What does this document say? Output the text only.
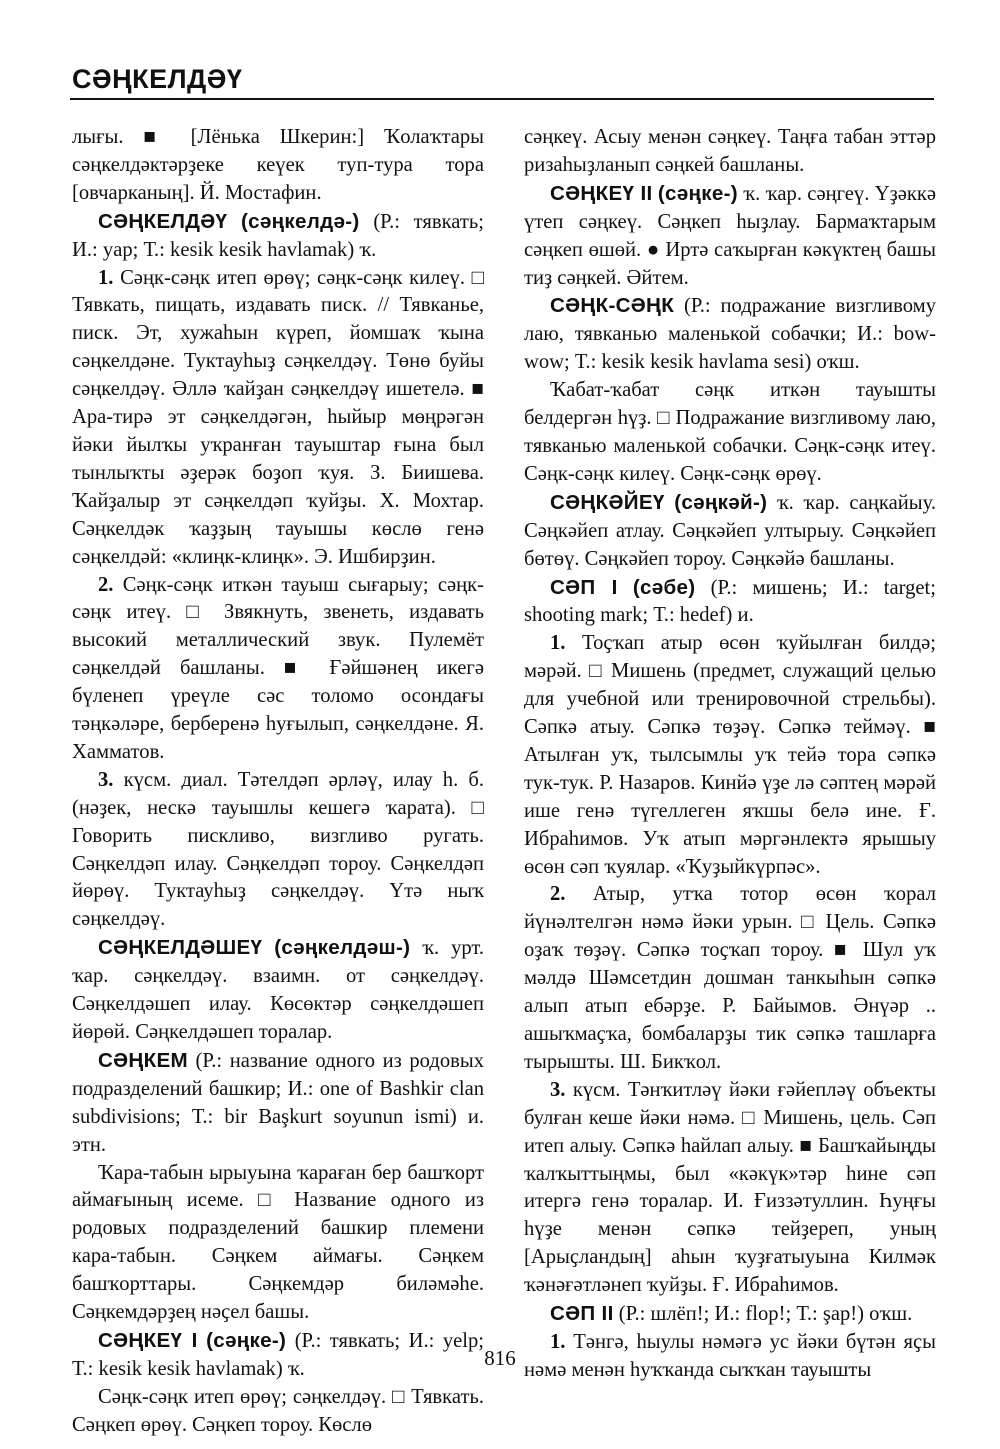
СӘҢКЕЛДӘҮ

лығы. ■ [Лёнька Шкерин:] Ҡолаҡтары сәңкелдәктәрҙеке кеүек туп-тура тора [овчарканың]. Й. Мостафин.

СӘҢКЕЛДӘҮ (сәңкелдә-) (Р.: тявкать; И.: yap; Т.: kesik kesik havlamak) ҡ.

1. Сәңк-сәңк итеп өрөү; сәңк-сәңк килеү. □ Тявкать, пищать, издавать писк. // Тявканье, писк. Эт, хужаһын күреп, йомшаҡ ҡына сәңкелдәне. Туктауһыҙ сәңкелдәү. Төнө буйы сәңкелдәү. Әллә ҡайҙан сәңкелдәү ишетелә. ■ Ара-тирә эт сәңкелдәгән, һыйыр мөңрәгән йәки йылҡы уҡранған тауыштар ғына был тынлыҡты әҙерәк боҙоп ҡуя. З. Биишева. Ҡайҙалыр эт сәңкелдәп ҡуйҙы. Х. Мохтар. Сәңкелдәк ҡаҙҙың тауышы көслө генә сәңкелдәй: «клиңк-клиңк». Э. Ишбирҙин.

2. Сәңк-сәңк иткән тауыш сығарыу; сәңк-сәңк итеү. □ Звякнуть, звенеть, издавать высокий металлический звук. Пулемёт сәңкелдәй башланы. ■ Ғәйшәнең икегә бүленеп үреүле сәс толомо осондағы тәңкәләре, берберенә һуғылып, сәңкелдәне. Я. Хамматов.

3. күсм. диал. Тәтелдәп әрләү, илау һ. б. (нәҙек, нескә тауышлы кешегә ҡарата). □ Говорить пискливо, визгливо ругать. Сәңкелдәп илау. Сәңкелдәп тороу. Сәңкелдәп йөрөү. Туктауһыҙ сәңкелдәү. Үтә ныҡ сәңкелдәү.

СӘҢКЕЛДӘШЕҮ (сәңкелдәш-) ҡ. урт. ҡар. сәңкелдәү. взаимн. от сәңкелдәү. Сәңкелдәшеп илау. Көсөктәр сәңкелдәшеп йөрөй. Сәңкелдәшеп торалар.

СӘҢКЕМ (Р.: название одного из родовых подразделений башкир; И.: one of Bashkir clan subdivisions; Т.: bir Başkurt soyunun ismi) и. этн.

Ҡара-табын ырыуына ҡараған бер башҡорт аймағының исеме. □ Название одного из родовых подразделений башкир племени кара-табын. Сәңкем аймағы. Сәңкем башҡорттары. Сәңкемдәр биләмәһе. Сәңкемдәрҙең нәҫел башы.

СӘҢКЕҮ I (сәңке-) (Р.: тявкать; И.: yelp; Т.: kesik kesik havlamak) ҡ.

Сәңк-сәңк итеп өрөү; сәңкелдәү. □ Тявкать. Сәңкеп өрөү. Сәңкеп тороу. Көслө

сәңкеү. Асыу менән сәңкеү. Таңға табан эттәр ризаһыҙланып сәңкей башланы.

СӘҢКЕҮ II (сәңке-) ҡ. ҡар. сәңгеү. Үҙәккә үтеп сәңкеү. Сәңкеп һыҙлау. Бармаҡтарым сәңкеп өшөй. ● Иртә саҡырған кәкүктең башы тиҙ сәңкей. Әйтем.

СӘҢК-СӘҢК (Р.: подражание визгливому лаю, тявканью маленькой собачки; И.: bow-wow; Т.: kesik kesik havlama sesi) оҡш.

Ҡабат-ҡабат сәңк иткән тауышты белдергән һүҙ. □ Подражание визгливому лаю, тявканью маленькой собачки. Сәңк-сәңк итеү. Сәңк-сәңк килеү. Сәңк-сәңк өрөү.

СӘҢКӘЙЕҮ (сәңкәй-) ҡ. ҡар. саңкайыу. Сәңкәйеп атлау. Сәңкәйеп ултырыу. Сәңкәйеп бөтөү. Сәңкәйеп тороу. Сәңкәйә башланы.

СӘП I (сәбе) (Р.: мишень; И.: target; shooting mark; Т.: hedef) и.

1. Тоҫҡап атыр өсөн ҡуйылған билдә; мәрәй. □ Мишень (предмет, служащий целью для учебной или тренировочной стрельбы). Сәпкә атыу. Сәпкә төҙәү. Сәпкә теймәү. ■ Атылған уҡ, тылсымлы уҡ тейә тора сәпкә тук-тук. Р. Назаров. Кинйә үҙе лә сәптең мәрәй ише генә түгеллеген яҡшы белә ине. Ғ. Ибраһимов. Уҡ атып мәргәнлектә ярышыу өсөн сәп ҡуялар. «Ҡуҙыйкүрпәс».

2. Атыр, утҡа тотор өсөн ҡорал йүнәлтелгән нәмә йәки урын. □ Цель. Сәпкә оҙаҡ төҙәү. Сәпкә тоҫҡап тороу. ■ Шул уҡ мәлдә Шәмсетдин дошман танкыһын сәпкә алып атып ебәрҙе. Р. Байымов. Әнүәр .. ашыҡмаҫҡа, бомбаларҙы тик сәпкә ташларға тырышты. Ш. Бикҡол.

3. күсм. Тәнҡитләү йәки ғәйепләү объекты булған кеше йәки нәмә. □ Мишень, цель. Сәп итеп алыу. Сәпкә һайлап алыу. ■ Башҡайыңды ҡалҡыттыңмы, был «кәкүк»тәр һине сәп итергә генә торалар. И. Ғиззәтуллин. Һуңғы һүҙе менән сәпкә тейҙереп, уның [Арыҫландың] аһын ҡуҙғатыуына Килмәк ҡәнәғәтләнеп ҡуйҙы. Ғ. Ибраһимов.

СӘП II (Р.: шлёп!; И.: flop!; Т.: şap!) оҡш.

1. Тәнгә, һыулы нәмәгә ус йәки бүтән яҫы нәмә менән һуҡҡанда сыҡҡан тауышты

816
